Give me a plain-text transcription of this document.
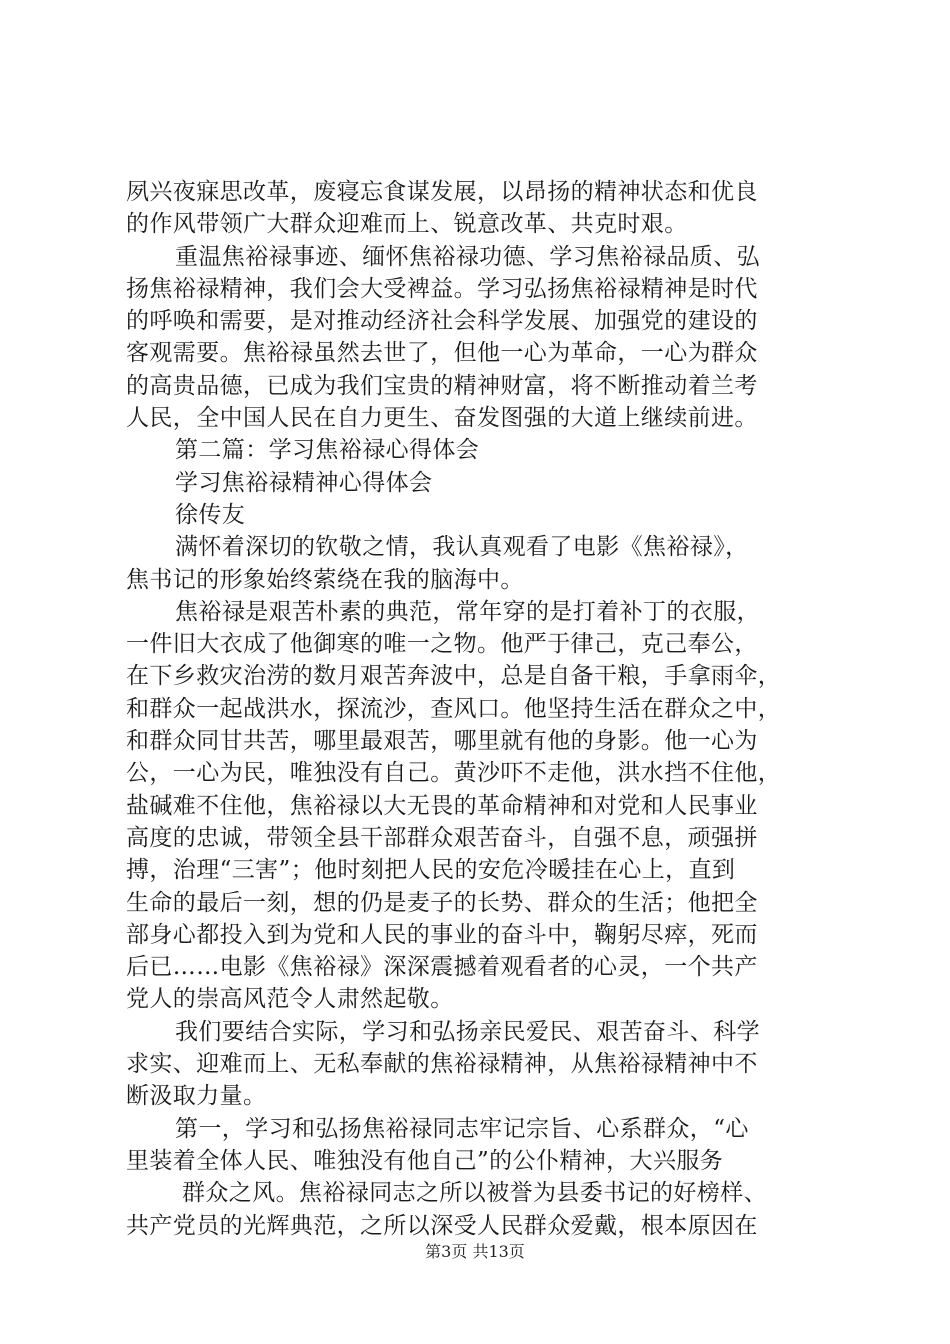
夙兴夜寐思改革，废寝忘食谋发展，以昂扬的精神状态和优良
的作风带领广大群众迎难而上、锐意改革、共克时艰。
重温焦裕禄事迹、缅怀焦裕禄功德、学习焦裕禄品质、弘
扬焦裕禄精神，我们会大受裨益。学习弘扬焦裕禄精神是时代
的呼唤和需要，是对推动经济社会科学发展、加强党的建设的
客观需要。焦裕禄虽然去世了，但他一心为革命，一心为群众
的高贵品德，已成为我们宝贵的精神财富，将不断推动着兰考
人民，全中国人民在自力更生、奋发图强的大道上继续前进。
第二篇：学习焦裕禄心得体会
学习焦裕禄精神心得体会
徐传友
满怀着深切的钦敬之情，我认真观看了电影《焦裕禄》，
焦书记的形象始终萦绕在我的脑海中。
焦裕禄是艰苦朴素的典范，常年穿的是打着补丁的衣服，
一件旧大衣成了他御寒的唯一之物。他严于律己，克己奉公，
在下乡救灾治涝的数月艰苦奔波中，总是自备干粮，手拿雨伞，
和群众一起战洪水，探流沙，查风口。他坚持生活在群众之中，
和群众同甘共苦，哪里最艰苦，哪里就有他的身影。他一心为
公，一心为民，唯独没有自己。黄沙吓不走他，洪水挡不住他，
盐碱难不住他，焦裕禄以大无畏的革命精神和对党和人民事业
高度的忠诚，带领全县干部群众艰苦奋斗，自强不息，顽强拼
搏，治理“三害”；他时刻把人民的安危冷暖挂在心上，直到
生命的最后一刻，想的仍是麦子的长势、群众的生活；他把全
部身心都投入到为党和人民的事业的奋斗中，鞠躬尽瘁，死而
后已……电影《焦裕禄》深深震撼着观看者的心灵，一个共产
党人的崇高风范令人肃然起敬。
我们要结合实际，学习和弘扬亲民爱民、艰苦奋斗、科学
求实、迎难而上、无私奉献的焦裕禄精神，从焦裕禄精神中不
断汲取力量。
第一，学习和弘扬焦裕禄同志牢记宗旨、心系群众，“心
里装着全体人民、唯独没有他自己”的公仆精神，大兴服务
群众之风。焦裕禄同志之所以被誉为县委书记的好榜样、
共产党员的光辉典范，之所以深受人民群众爱戴，根本原因在
第3页 共13页
